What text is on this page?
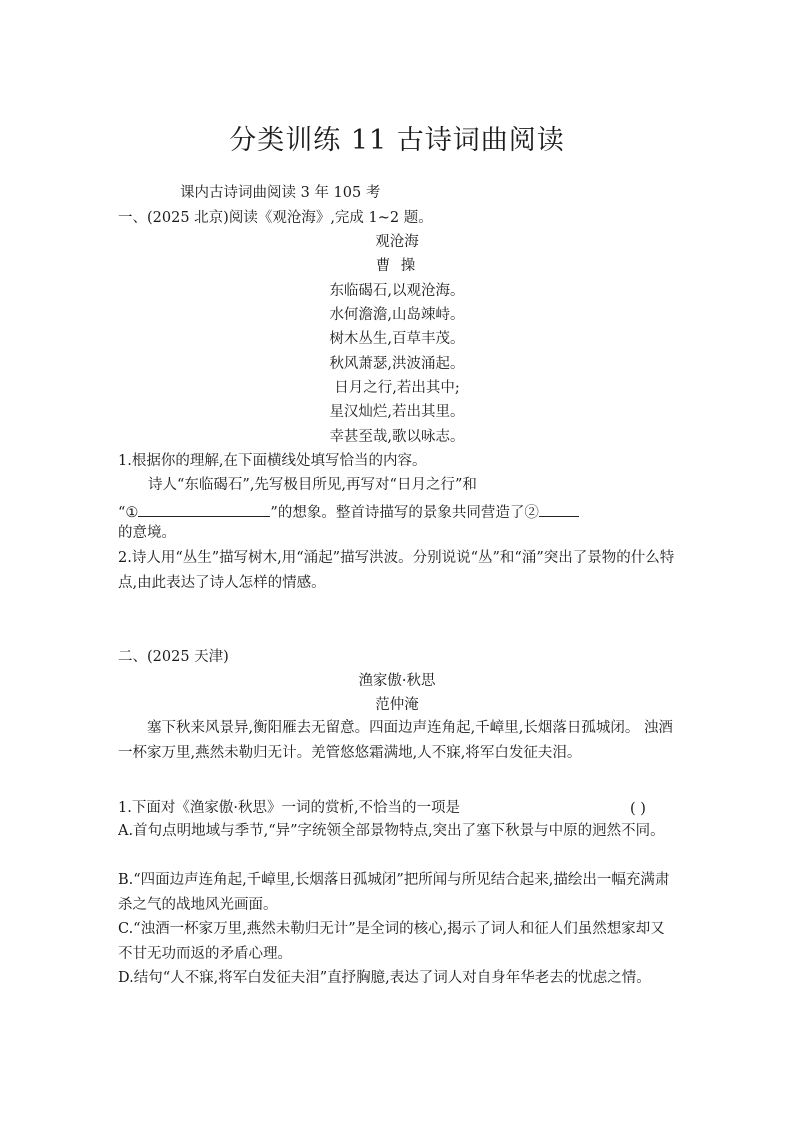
分类训练 11 古诗词曲阅读
课内古诗词曲阅读 3 年 105 考
一、(2025 北京)阅读《观沧海》,完成 1~2 题。
观沧海
曹 操
东临碣石,以观沧海。
水何澹澹,山岛竦峙。
树木丛生,百草丰茂。
秋风萧瑟,洪波涌起。
日月之行,若出其中;
星汉灿烂,若出其里。
幸甚至哉,歌以咏志。
1.根据你的理解,在下面横线处填写恰当的内容。
诗人“东临碣石”,先写极目所见,再写对“日月之行”和
“①	”的想象。整首诗描写的景象共同营造了②
的意境。
2.诗人用“丛生”描写树木,用“涌起”描写洪波。分别说说“丛”和“涌”突出了景物的什么特点,由此表达了诗人怎样的情感。
二、(2025 天津)
渔家傲·秋思
范仲淹
塞下秋来风景异,衡阳雁去无留意。四面边声连角起,千嶂里,长烟落日孤城闭。 浊酒一杯家万里,燕然未勒归无计。羌管悠悠霜满地,人不寐,将军白发征夫泪。
1.下面对《渔家傲·秋思》一词的赏析,不恰当的一项是	( )
A.首句点明地域与季节,“异”字统领全部景物特点,突出了塞下秋景与中原的迥然不同。
B.“四面边声连角起,千嶂里,长烟落日孤城闭”把所闻与所见结合起来,描绘出一幅充满肃杀之气的战地风光画面。
C.“浊酒一杯家万里,燕然未勒归无计”是全词的核心,揭示了词人和征人们虽然想家却又不甘无功而返的矛盾心理。
D.结句“人不寐,将军白发征夫泪”直抒胸臆,表达了词人对自身年华老去的忧虑之情。
